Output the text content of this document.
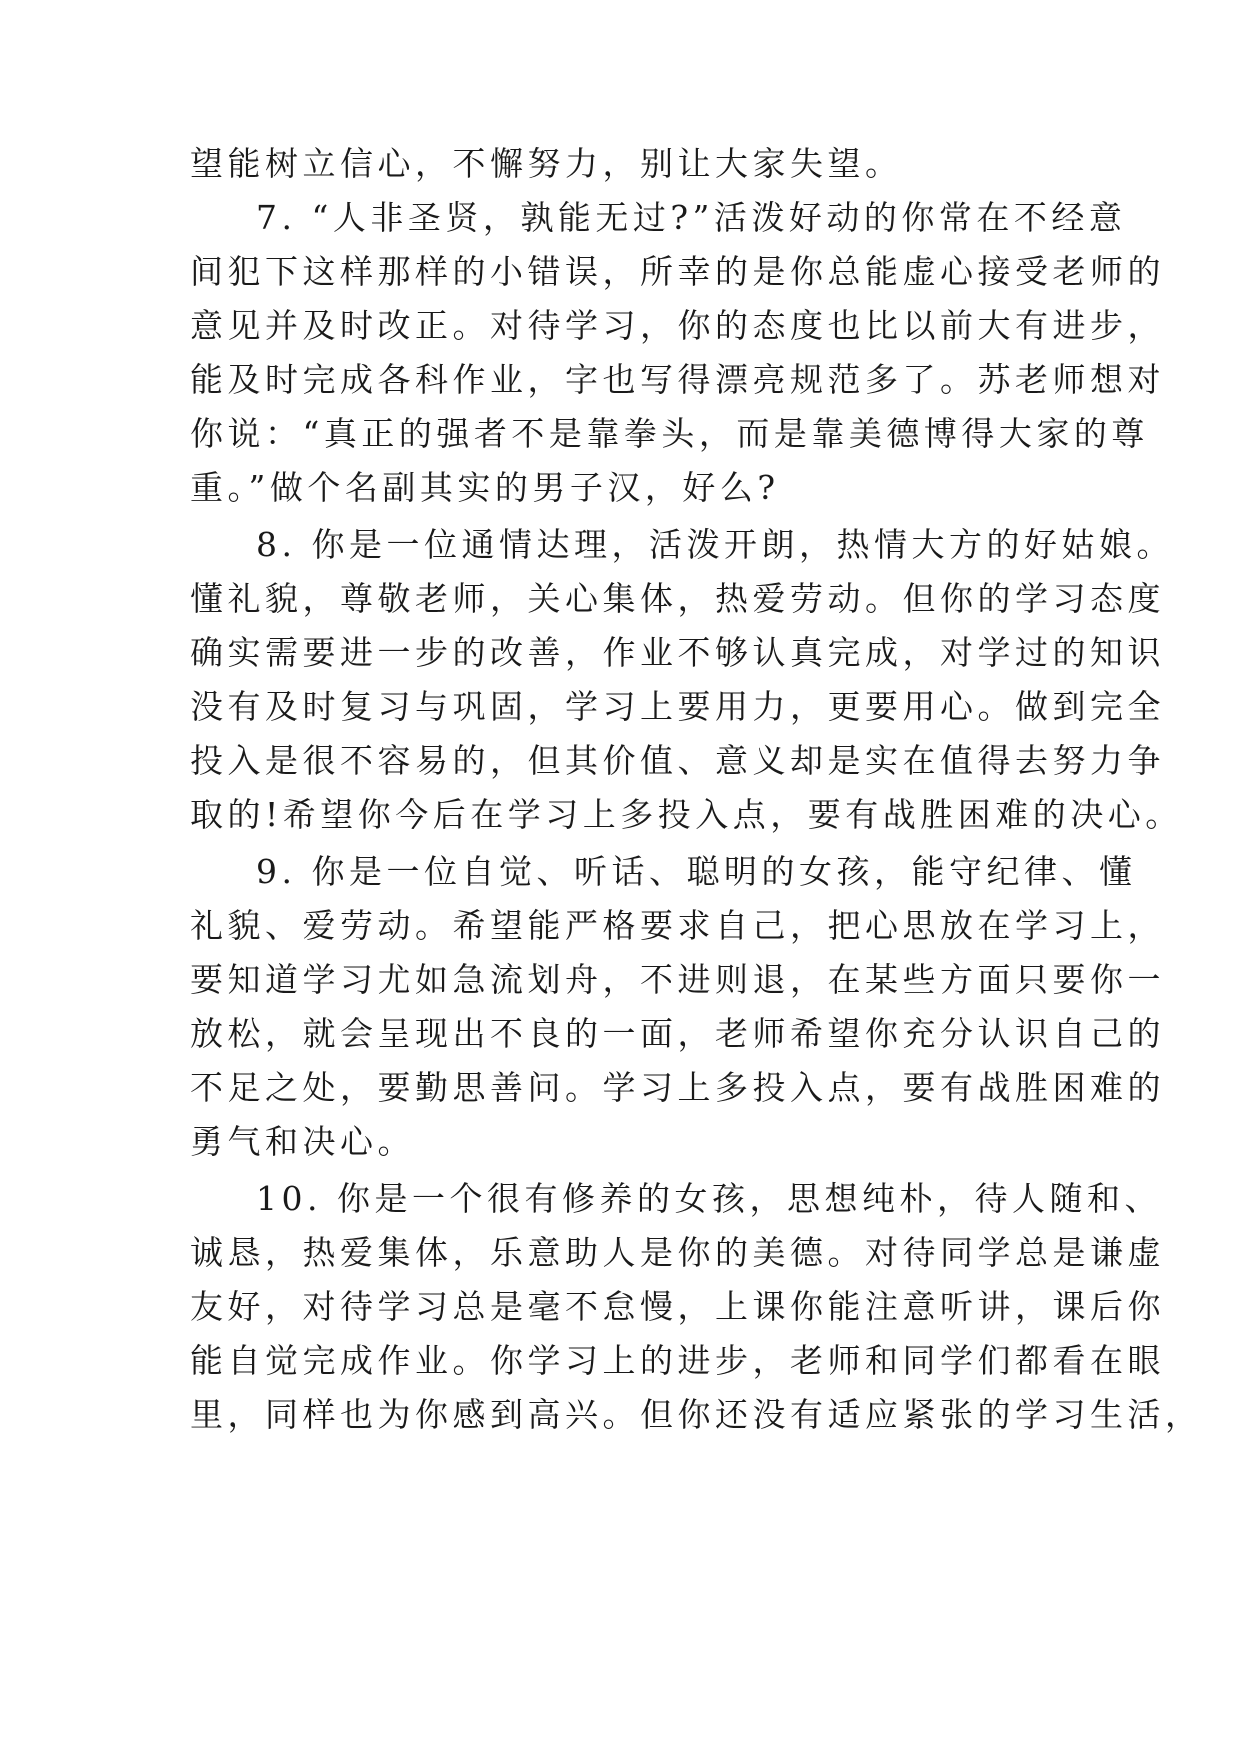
望能树立信心，不懈努力，别让大家失望。
7. “人非圣贤，孰能无过?”活泼好动的你常在不经意
间犯下这样那样的小错误，所幸的是你总能虚心接受老师的
意见并及时改正。对待学习，你的态度也比以前大有进步，
能及时完成各科作业，字也写得漂亮规范多了。苏老师想对
你说：“真正的强者不是靠拳头，而是靠美德博得大家的尊
重。”做个名副其实的男子汉，好么?
8. 你是一位通情达理，活泼开朗，热情大方的好姑娘。
懂礼貌，尊敬老师，关心集体，热爱劳动。但你的学习态度
确实需要进一步的改善，作业不够认真完成，对学过的知识
没有及时复习与巩固，学习上要用力，更要用心。做到完全
投入是很不容易的，但其价值、意义却是实在值得去努力争
取的!希望你今后在学习上多投入点，要有战胜困难的决心。
9. 你是一位自觉、听话、聪明的女孩，能守纪律、懂
礼貌、爱劳动。希望能严格要求自己，把心思放在学习上，
要知道学习尤如急流划舟，不进则退，在某些方面只要你一
放松，就会呈现出不良的一面，老师希望你充分认识自己的
不足之处，要勤思善问。学习上多投入点，要有战胜困难的
勇气和决心。
10. 你是一个很有修养的女孩，思想纯朴，待人随和、
诚恳，热爱集体，乐意助人是你的美德。对待同学总是谦虚
友好，对待学习总是毫不怠慢，上课你能注意听讲，课后你
能自觉完成作业。你学习上的进步，老师和同学们都看在眼
里，同样也为你感到高兴。但你还没有适应紧张的学习生活，
